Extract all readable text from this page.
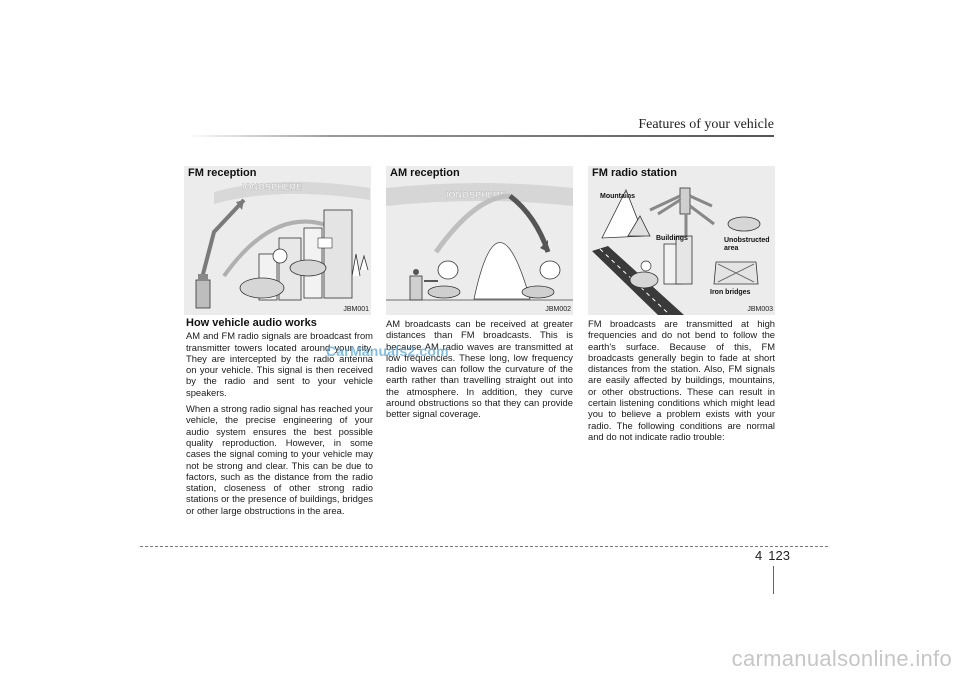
Features of your vehicle
IONOSPHERE
FM reception
JBM001
IONOSPHERE
AM reception
JBM002
Mountains
Buildings	Unobstructed
area
Iron bridges
FM radio station
JBM003
How vehicle audio works

AM and FM radio signals are broadcast from transmitter towers located around your city. They are intercepted by the radio antenna on your vehicle. This signal is then received by the radio and sent to your vehicle speakers.

When a strong radio signal has reached your vehicle, the precise engineering of your audio system ensures the best possible quality reproduction. However, in some cases the signal coming to your vehicle may not be strong and clear. This can be due to factors, such as the distance from the radio station, closeness of other strong radio stations or the presence of buildings, bridges or other large obstructions in the area.

AM broadcasts can be received at greater distances than FM broadcasts. This is because AM radio waves are transmitted at low frequencies. These long, low frequency radio waves can follow the curvature of the earth rather than travelling straight out into the atmosphere. In addition, they curve around obstructions so that they can provide better signal coverage.

FM broadcasts are transmitted at high frequencies and do not bend to follow the earth's surface. Because of this, FM broadcasts generally begin to fade at short distances from the station. Also, FM signals are easily affected by buildings, mountains, or other obstructions. These can result in certain listening conditions which might lead you to believe a problem exists with your radio. The following conditions are normal and do not indicate radio trouble:

CarManuals2.com
4 123
carmanualsonline.info
